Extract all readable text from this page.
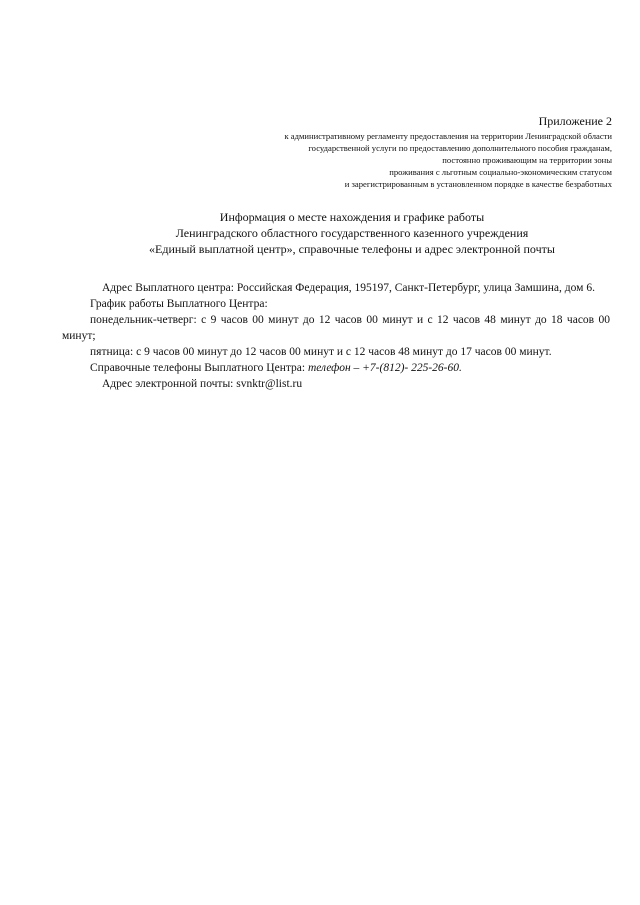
Приложение 2
к административному регламенту предоставления на территории Ленинградской области
государственной услуги по предоставлению дополнительного пособия гражданам,
постоянно проживающим на территории зоны
проживания с льготным социально-экономическим статусом
и зарегистрированным в установленном порядке в качестве безработных
Информация о месте нахождения и графике работы
Ленинградского областного государственного казенного учреждения
«Единый выплатной центр», справочные телефоны и адрес электронной почты

Адрес Выплатного центра: Российская Федерация, 195197, Санкт-Петербург, улица Замшина, дом 6.

График работы Выплатного Центра:

понедельник-четверг: с 9 часов 00 минут до 12 часов 00 минут и с 12 часов 48 минут до 18 часов 00 минут;

пятница: с 9 часов 00 минут до 12 часов 00 минут и с 12 часов 48 минут до 17 часов 00 минут.

Справочные телефоны Выплатного Центра: телефон – +7-(812)- 225-26-60.

Адрес электронной почты: svnktr@list.ru
